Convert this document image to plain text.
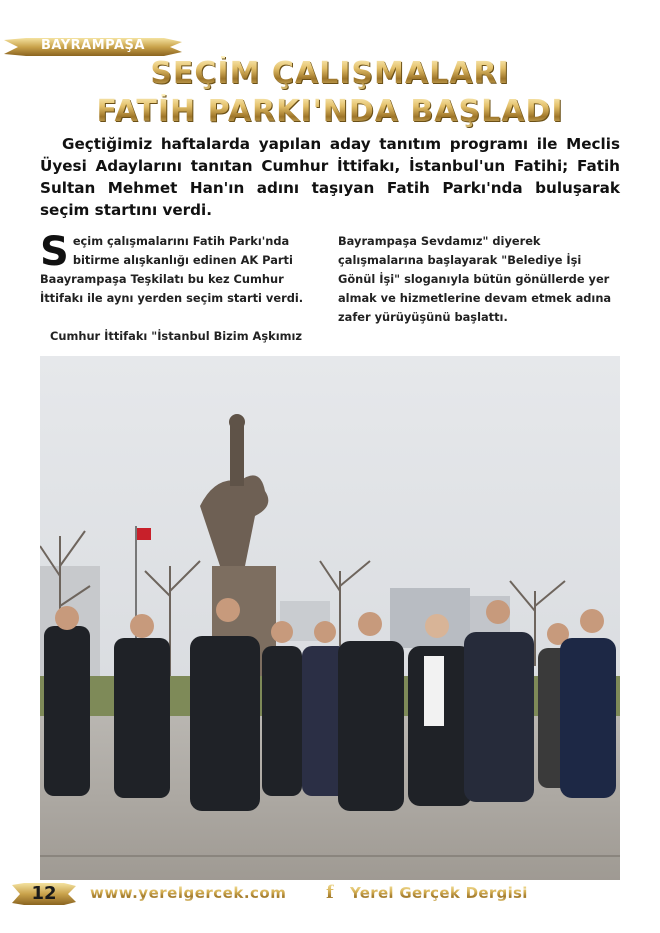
BAYRAMPAŞA
SEÇİM ÇALIŞMALARI
FATİH PARKI'NDA BAŞLADI

Geçtiğimiz haftalarda yapılan aday tanıtım programı ile Meclis Üyesi Adaylarını tanıtan Cumhur İttifakı, İstanbul'un Fatihi; Fatih Sultan Mehmet Han'ın adını taşıyan Fatih Parkı'nda buluşarak seçim startını verdi.

Seçim çalışmalarını Fatih Parkı'nda bitirme alışkanlığı edinen AK Parti Baayrampaşa Teşkilatı bu kez Cumhur İttifakı ile aynı yerden seçim starti verdi.

Cumhur İttifakı "İstanbul Bizim Aşkımız

Bayrampaşa Sevdamız" diyerek çalışmalarına başlayarak "Belediye İşi Gönül İşi" sloganıyla bütün gönüllerde yer almak ve hizmetlerine devam etmek adına zafer yürüyüşünü başlattı.

12	www.yerelgercek.com f Yerel Gerçek Dergisi
